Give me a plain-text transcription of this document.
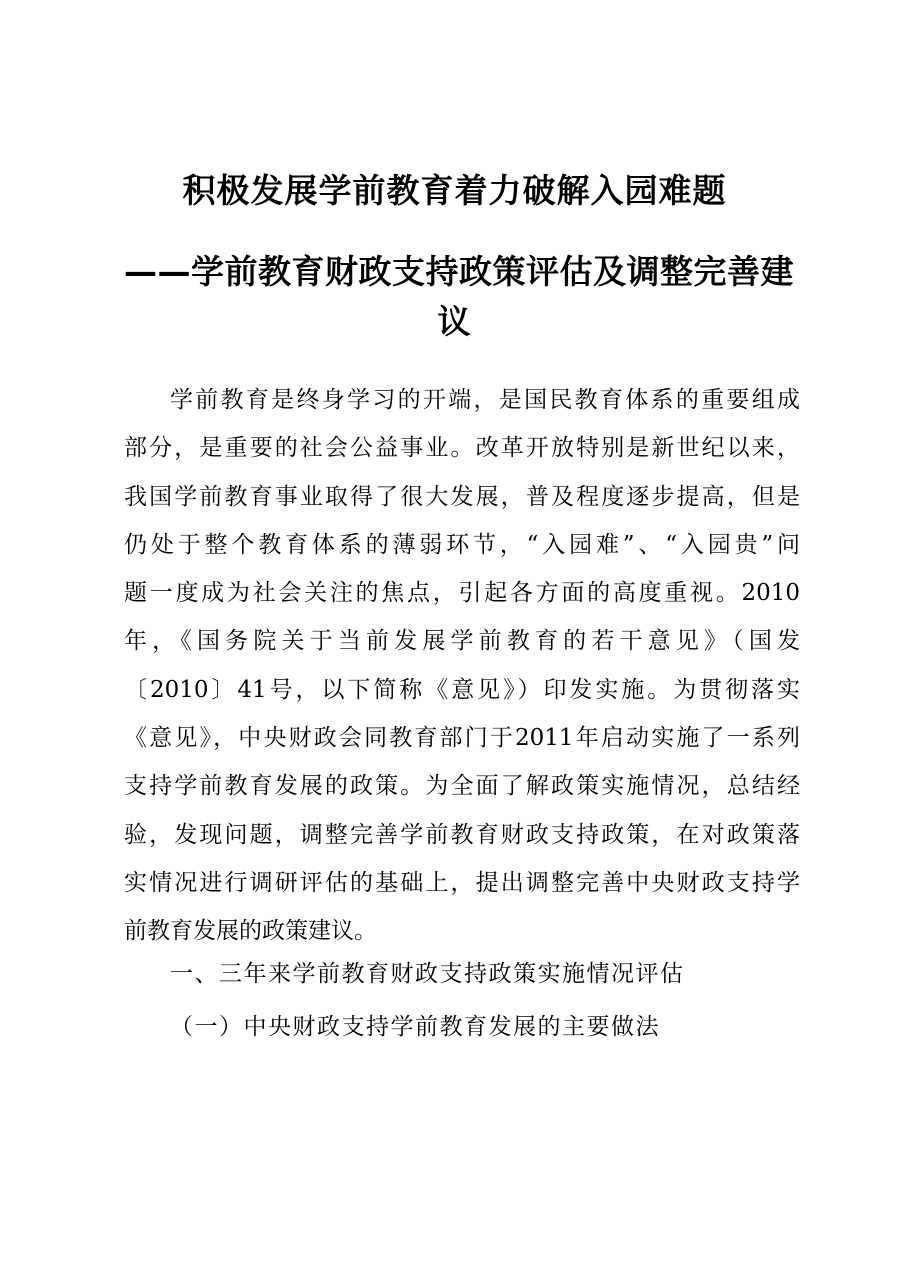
积极发展学前教育着力破解入园难题
——学前教育财政支持政策评估及调整完善建
议
学前教育是终身学习的开端，是国民教育体系的重要组成
部分，是重要的社会公益事业。改革开放特别是新世纪以来，
我国学前教育事业取得了很大发展，普及程度逐步提高，但是
仍处于整个教育体系的薄弱环节，“入园难”、“入园贵”问
题一度成为社会关注的焦点，引起各方面的高度重视。2010
年，《国务院关于当前发展学前教育的若干意见》（国发
〔2010〕41号，以下简称《意见》）印发实施。为贯彻落实
《意见》，中央财政会同教育部门于2011年启动实施了一系列
支持学前教育发展的政策。为全面了解政策实施情况，总结经
验，发现问题，调整完善学前教育财政支持政策，在对政策落
实情况进行调研评估的基础上，提出调整完善中央财政支持学
前教育发展的政策建议。
一、三年来学前教育财政支持政策实施情况评估
（一）中央财政支持学前教育发展的主要做法
